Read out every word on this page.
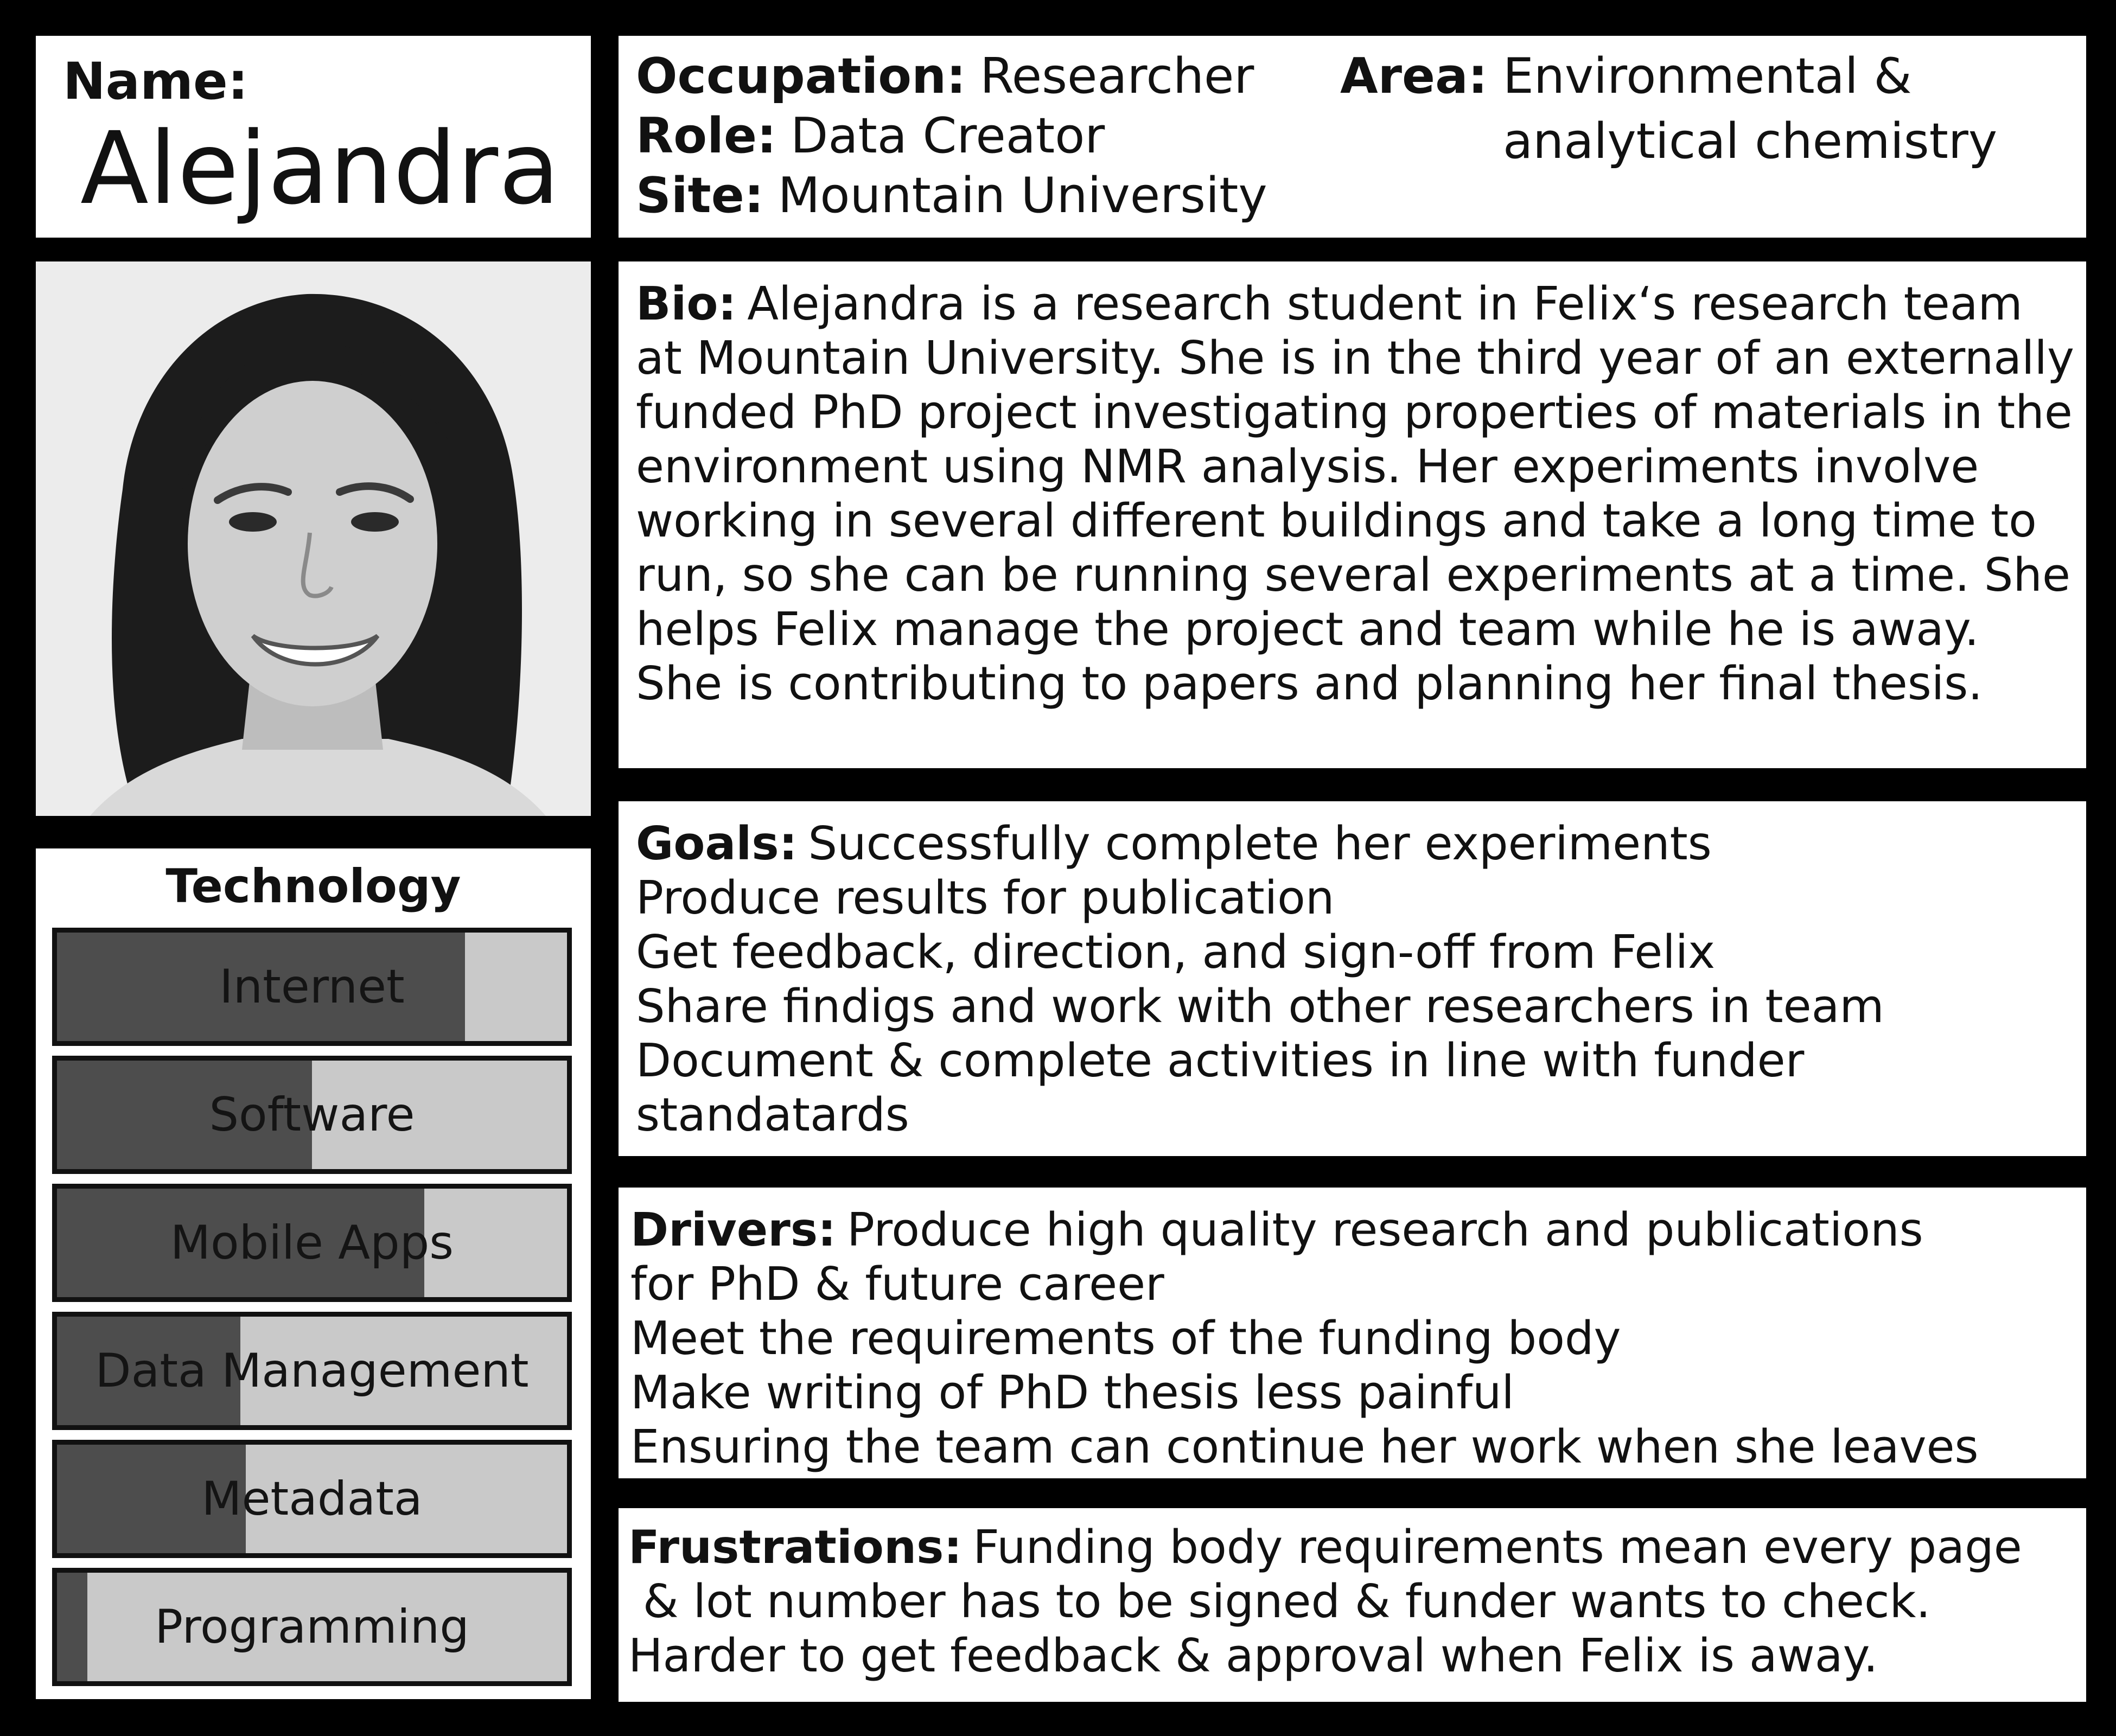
Name:
Alejandra
Occupation: Researcher
Role: Data Creator
Site: Mountain University
Area: Environmental &
analytical chemistry
Bio: Alejandra is a research student in Felix‘s research team at Mountain University. She is in the third year of an externally funded PhD project investigating properties of materials in the environment using NMR analysis. Her experiments involve working in several different buildings and take a long time to run, so she can be running several experiments at a time. She helps Felix manage the project and team while he is away. She is contributing to papers and planning her final thesis.
Technology
Internet
Software
Mobile Apps
Data Management
Metadata
Programming
Goals: Successfully complete her experiments
Produce results for publication
Get feedback, direction, and sign-off from Felix
Share findigs and work with other researchers in team
Document & complete activities in line with funder
standatards
Drivers: Produce high quality research and publications
for PhD & future career
Meet the requirements of the funding body
Make writing of PhD thesis less painful
Ensuring the team can continue her work when she leaves
Frustrations: Funding body requirements mean every page
& lot number has to be signed & funder wants to check.
Harder to get feedback & approval when Felix is away.
